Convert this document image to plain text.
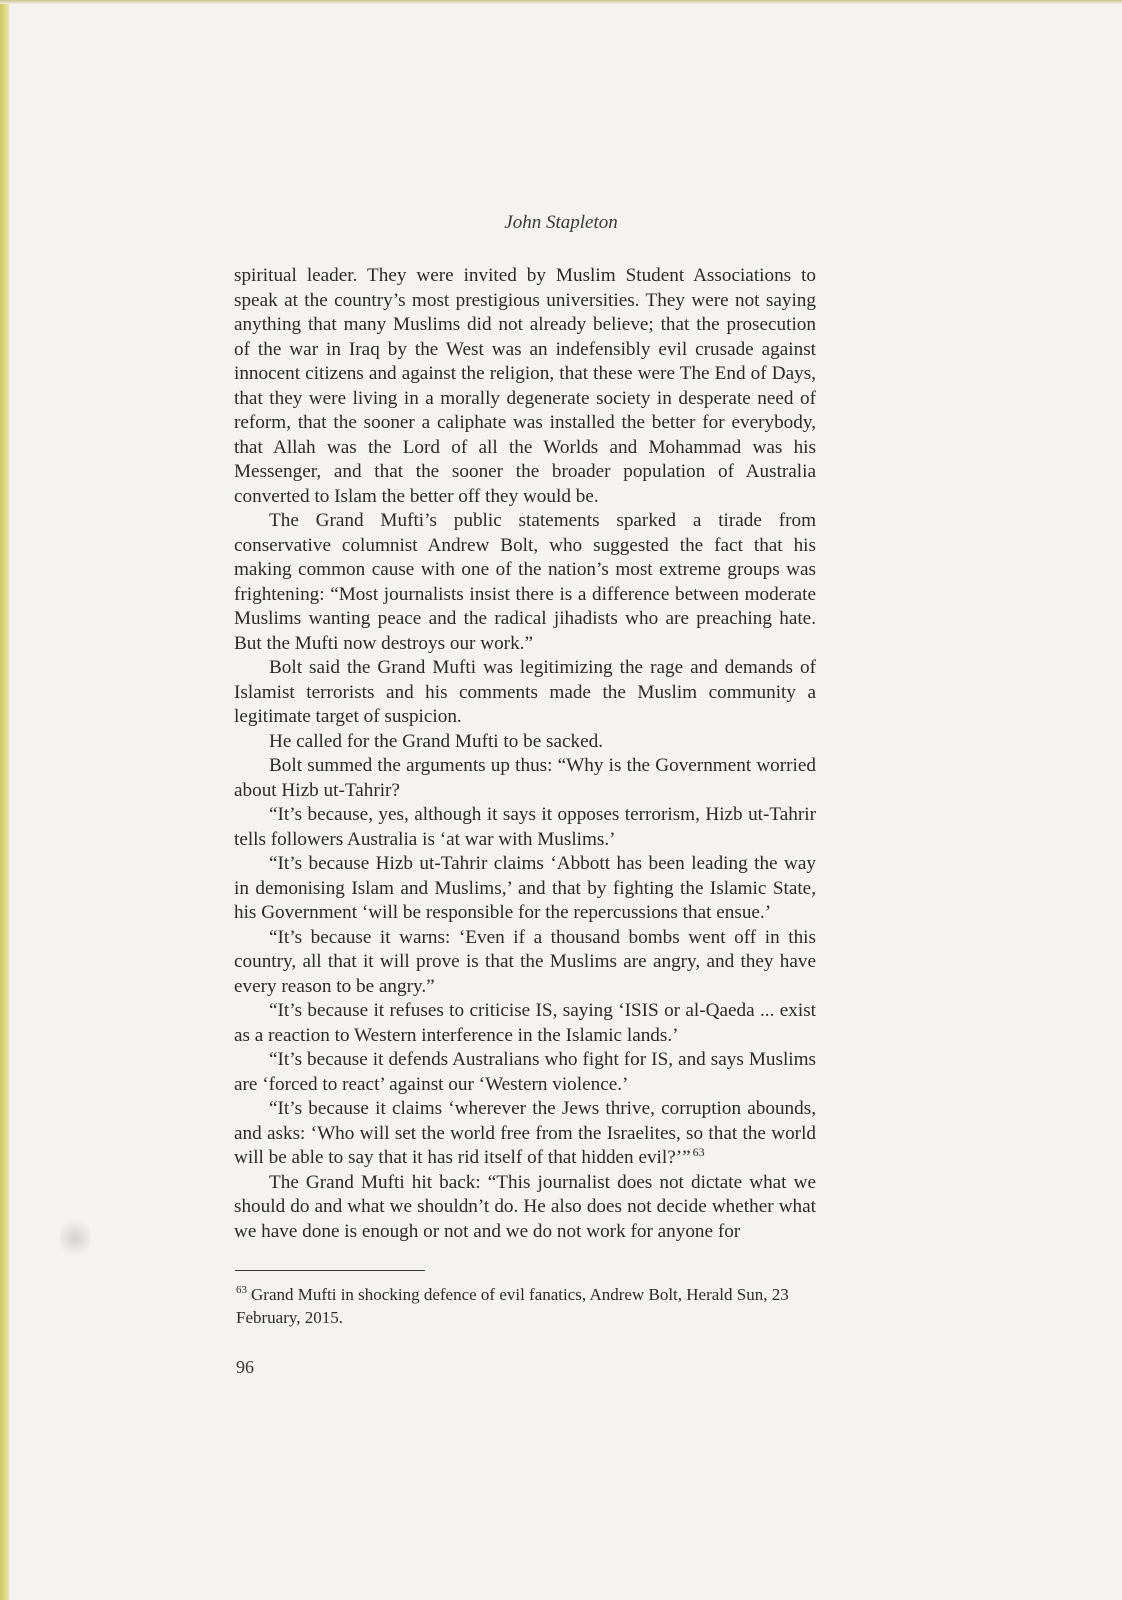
John Stapleton

spiritual leader. They were invited by Muslim Student Associations to speak at the country’s most prestigious universities. They were not saying anything that many Muslims did not already believe; that the prosecution of the war in Iraq by the West was an indefensibly evil crusade against innocent citizens and against the religion, that these were The End of Days, that they were living in a morally degenerate society in desperate need of reform, that the sooner a caliphate was installed the better for everybody, that Allah was the Lord of all the Worlds and Mohammad was his Messenger, and that the sooner the broader population of Australia converted to Islam the better off they would be.

The Grand Mufti’s public statements sparked a tirade from conservative columnist Andrew Bolt, who suggested the fact that his making common cause with one of the nation’s most extreme groups was frightening: “Most journalists insist there is a difference between moderate Muslims wanting peace and the radical jihadists who are preaching hate. But the Mufti now destroys our work.”

Bolt said the Grand Mufti was legitimizing the rage and demands of Islamist terrorists and his comments made the Muslim community a legitimate target of suspicion.

He called for the Grand Mufti to be sacked.

Bolt summed the arguments up thus: “Why is the Government worried about Hizb ut-Tahrir?

“It’s because, yes, although it says it opposes terrorism, Hizb ut-Tahrir tells followers Australia is ‘at war with Muslims.’

“It’s because Hizb ut-Tahrir claims ‘Abbott has been leading the way in demonising Islam and Muslims,’ and that by fighting the Islamic State, his Government ‘will be responsible for the repercussions that ensue.’

“It’s because it warns: ‘Even if a thousand bombs went off in this country, all that it will prove is that the Muslims are angry, and they have every reason to be angry.”

“It’s because it refuses to criticise IS, saying ‘ISIS or al-Qaeda ... exist as a reaction to Western interference in the Islamic lands.’

“It’s because it defends Australians who fight for IS, and says Muslims are ‘forced to react’ against our ‘Western violence.’

“It’s because it claims ‘wherever the Jews thrive, corruption abounds, and asks: ‘Who will set the world free from the Israelites, so that the world will be able to say that it has rid itself of that hidden evil?’” $^{63}$

The Grand Mufti hit back: “This journalist does not dictate what we should do and what we shouldn’t do. He also does not decide whether what we have done is enough or not and we do not work for anyone for

$^{63}$ Grand Mufti in shocking defence of evil fanatics, Andrew Bolt, Herald Sun, 23 February, 2015.
96
